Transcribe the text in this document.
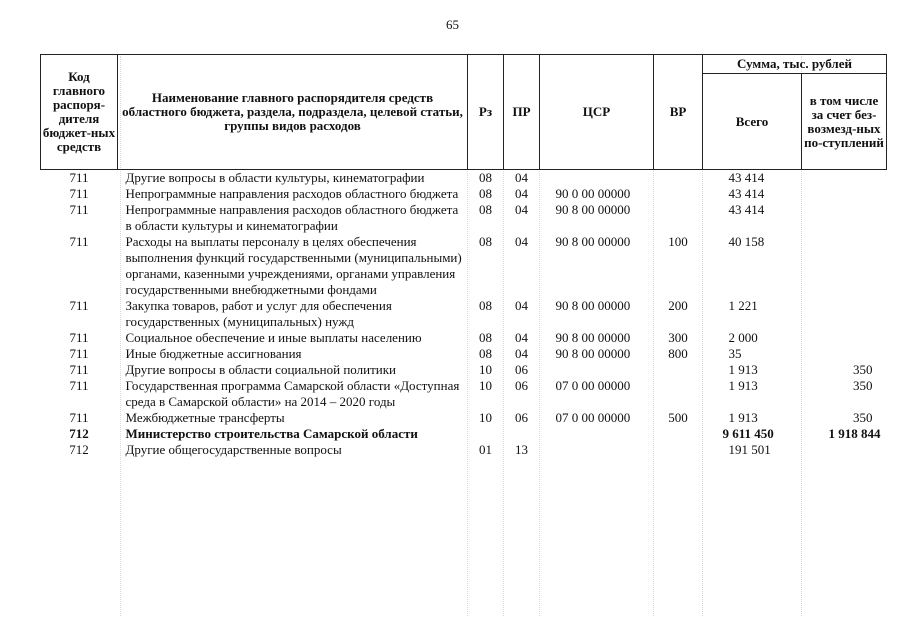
65
Код главного распоря-дителя бюджет-ных средств	Наименование главного распорядителя средств областного бюджета, раздела, подраздела, целевой статьи, группы видов расходов	Рз	ПР	ЦСР	ВР	Сумма, тыс. рублей	
						Всего	в том числе за счет без-возмезд-ных по-ступлений
711	Другие вопросы в области культуры, кинематографии	08	04			43 414	
711	Непрограммные направления расходов областного бюджета	08	04	90 0 00 00000		43 414	
711	Непрограммные направления расходов областного бюджета в области культуры и кинематографии	08	04	90 8 00 00000		43 414	
711	Расходы на выплаты персоналу в целях обеспечения выполнения функций государственными (муниципальными) органами, казенными учреждениями, органами управления государственными внебюджетными фондами	08	04	90 8 00 00000	100	40 158	
711	Закупка товаров, работ и услуг для обеспечения государственных (муниципальных) нужд	08	04	90 8 00 00000	200	1 221	
711	Социальное обеспечение и иные выплаты населению	08	04	90 8 00 00000	300	2 000	
711	Иные бюджетные ассигнования	08	04	90 8 00 00000	800	35	
711	Другие вопросы в области социальной политики	10	06			1 913	350
711	Государственная программа Самарской области «Доступная среда в Самарской области» на 2014 – 2020 годы	10	06	07 0 00 00000		1 913	350
711	Межбюджетные трансферты	10	06	07 0 00 00000	500	1 913	350
712	Министерство строительства Самарской области					9 611 450	1 918 844
712	Другие общегосударственные вопросы	01	13			191 501	
